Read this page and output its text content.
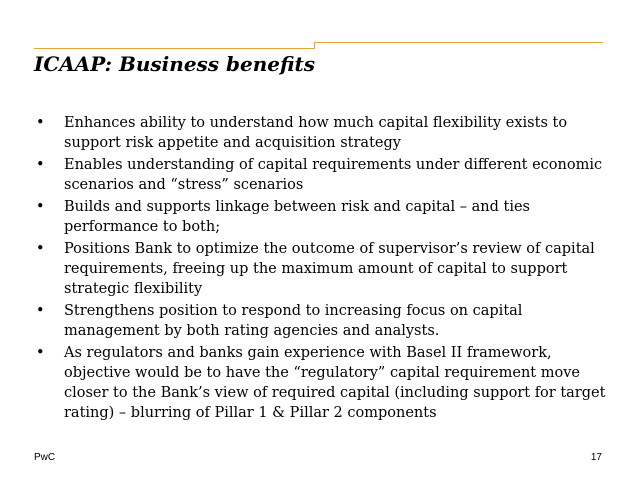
ICAAP: Business benefits
•	Enhances ability to understand how much capital flexibility exists to support risk appetite and acquisition strategy
•	Enables understanding of capital requirements under different economic scenarios and “stress” scenarios
•	Builds and supports linkage between risk and capital – and ties performance to both;
•	Positions Bank to optimize the outcome of supervisor’s review of capital requirements, freeing up the maximum amount of capital to support strategic flexibility
•	Strengthens position to respond to increasing focus on capital management by both rating agencies and analysts.
•	As regulators and banks gain experience with Basel II framework, objective would be to have the “regulatory” capital requirement move closer to the Bank’s view of required capital (including support for target rating) – blurring of Pillar 1 & Pillar 2 components
PwC	17
